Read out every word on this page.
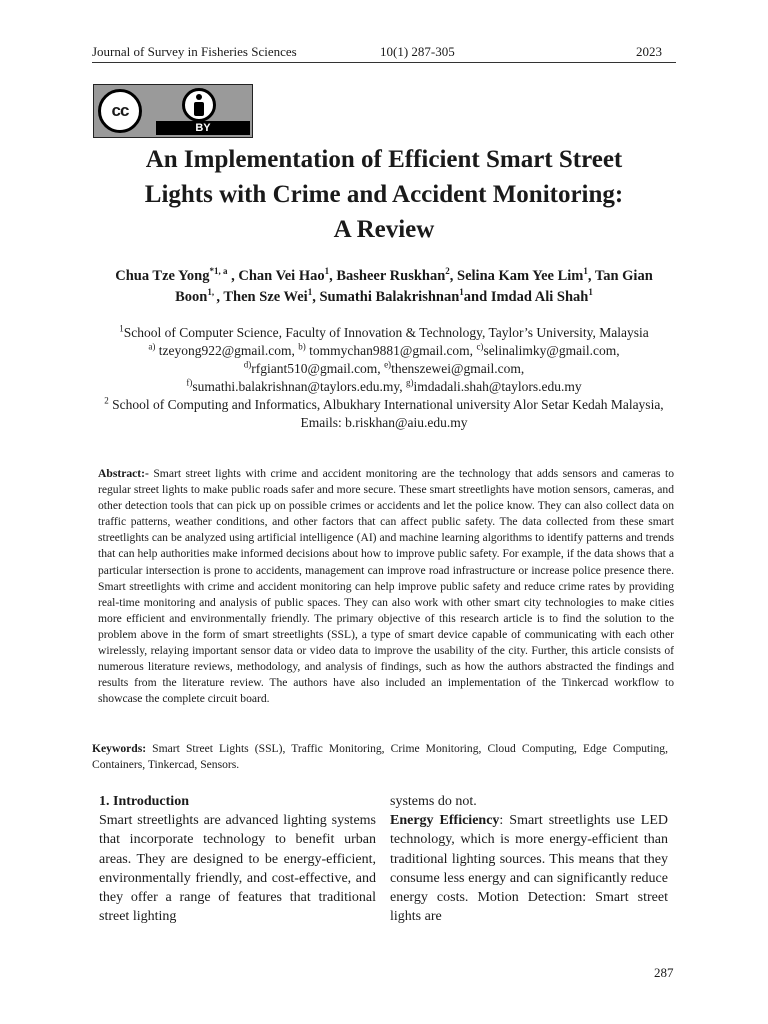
Journal of Survey in Fisheries Sciences	10(1) 287-305	2023
cc
BY
An Implementation of Efficient Smart Street
Lights with Crime and Accident Monitoring:
A Review
Chua Tze Yong$^{*1, a}$ , Chan Vei Hao$^1$, Basheer Ruskhan$^2$, Selina Kam Yee Lim$^1$, Tan Gian Boon$^{1,}$ , Then Sze Wei$^1$, Sumathi Balakrishnan$^1$and Imdad Ali Shah$^1$
$^1$School of Computer Science, Faculty of Innovation & Technology, Taylor’s University, Malaysia
$^{a)}$ tzeyong922@gmail.com, $^{b)}$ tommychan9881@gmail.com, $^{c)}$selinalimky@gmail.com,
$^{d)}$rfgiant510@gmail.com, $^{e)}$thenszewei@gmail.com,
$^{f)}$sumathi.balakrishnan@taylors.edu.my, $^{g)}$imdadali.shah@taylors.edu.my
$^2$ School of Computing and Informatics, Albukhary International university Alor Setar Kedah Malaysia,
Emails: b.riskhan@aiu.edu.my
Abstract:- Smart street lights with crime and accident monitoring are the technology that adds sensors and cameras to regular street lights to make public roads safer and more secure. These smart streetlights have motion sensors, cameras, and other detection tools that can pick up on possible crimes or accidents and let the police know. They can also collect data on traffic patterns, weather conditions, and other factors that can affect public safety. The data collected from these smart streetlights can be analyzed using artificial intelligence (AI) and machine learning algorithms to identify patterns and trends that can help authorities make informed decisions about how to improve public safety. For example, if the data shows that a particular intersection is prone to accidents, management can improve road infrastructure or increase police presence there. Smart streetlights with crime and accident monitoring can help improve public safety and reduce crime rates by providing real-time monitoring and analysis of public spaces. They can also work with other smart city technologies to make cities more efficient and environmentally friendly. The primary objective of this research article is to find the solution to the problem above in the form of smart streetlights (SSL), a type of smart device capable of communicating with each other wirelessly, relaying important sensor data or video data to improve the usability of the city. Further, this article consists of numerous literature reviews, methodology, and analysis of findings, such as how the authors abstracted the findings and results from the literature review. The authors have also included an implementation of the Tinkercad workflow to showcase the complete circuit board.
Keywords: Smart Street Lights (SSL), Traffic Monitoring, Crime Monitoring, Cloud Computing, Edge Computing, Containers, Tinkercad, Sensors.

1. Introduction

Smart streetlights are advanced lighting systems that incorporate technology to benefit urban areas. They are designed to be energy-efficient, environmentally friendly, and cost-effective, and they offer a range of features that traditional street lighting

systems do not.

Energy Efficiency: Smart streetlights use LED technology, which is more energy-efficient than traditional lighting sources. This means that they consume less energy and can significantly reduce energy costs. Motion Detection: Smart street lights are

287
